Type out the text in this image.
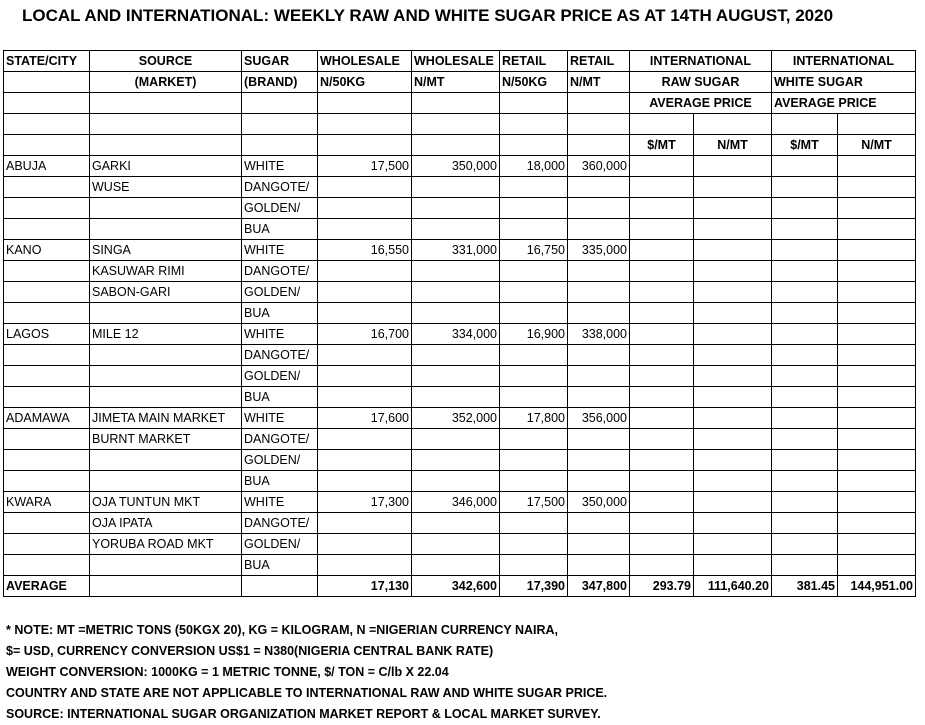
LOCAL AND INTERNATIONAL: WEEKLY RAW AND WHITE SUGAR PRICE AS AT 14TH AUGUST, 2020
STATE/CITY	SOURCE	SUGAR	WHOLESALE	WHOLESALE	RETAIL	RETAIL	INTERNATIONAL		INTERNATIONAL	
	(MARKET)	(BRAND)	N/50KG	N/MT	N/50KG	N/MT	RAW SUGAR		WHITE SUGAR	
							AVERAGE PRICE		AVERAGE PRICE	

							$/MT	N/MT	$/MT	N/MT
ABUJA	GARKI	WHITE	17,500	350,000	18,000	360,000				
	WUSE	DANGOTE/								
		GOLDEN/								
		BUA								
KANO	SINGA	WHITE	16,550	331,000	16,750	335,000				
	KASUWAR RIMI	DANGOTE/								
	SABON-GARI	GOLDEN/								
		BUA								
LAGOS	MILE 12	WHITE	16,700	334,000	16,900	338,000				
		DANGOTE/								
		GOLDEN/								
		BUA								
ADAMAWA	JIMETA MAIN MARKET	WHITE	17,600	352,000	17,800	356,000				
	BURNT MARKET	DANGOTE/								
		GOLDEN/								
		BUA								
KWARA	OJA TUNTUN MKT	WHITE	17,300	346,000	17,500	350,000				
	OJA IPATA	DANGOTE/								
	YORUBA ROAD MKT	GOLDEN/								
		BUA								
AVERAGE			17,130	342,600	17,390	347,800	293.79	111,640.20	381.45	144,951.00
* NOTE: MT =METRIC TONS (50KGX 20), KG = KILOGRAM, N =NIGERIAN CURRENCY NAIRA,
$= USD, CURRENCY CONVERSION US$1 = N380(NIGERIA CENTRAL BANK RATE)
WEIGHT CONVERSION: 1000KG = 1 METRIC TONNE, $/ TON = C/lb X 22.04
COUNTRY AND STATE ARE NOT APPLICABLE TO INTERNATIONAL RAW AND WHITE SUGAR PRICE.
SOURCE: INTERNATIONAL SUGAR ORGANIZATION MARKET REPORT & LOCAL MARKET SURVEY.
